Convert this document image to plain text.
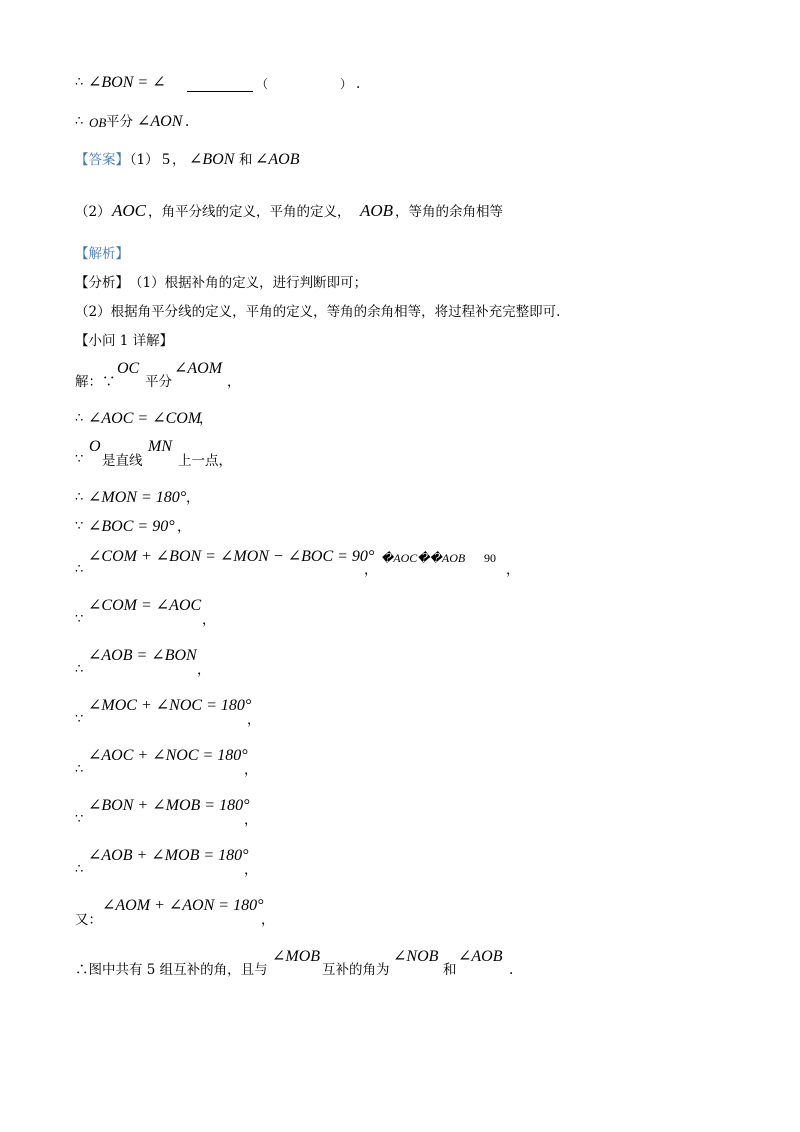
∴ ∠BON = ∠	（	） .
∴ OB 平分 ∠AON .
【答案】
（1） 5 ， ∠BON 和 ∠AOB
（2） AOC ，角平分线的定义，平角的定义， AOB ，等角的余角相等
【解析】
【分析】 （1）根据补角的定义，进行判断即可；
（2）根据角平分线的定义，平角的定义，等角的余角相等，将过程补充完整即可.
【小问 1 详解】
解：∵
OC
平分
∠AOM
，
∴ ∠AOC = ∠COM
，
∵
O
是直线
MN
上一点，
∴ ∠MON = 180° ，
∵ ∠BOC = 90° ，
∴
∠COM + ∠BON = ∠MON − ∠BOC = 90°
，
�AOC��AOB 90
，
∵
∠COM = ∠AOC
，
∴
∠AOB = ∠BON
，
∵
∠MOC + ∠NOC = 180°
，
∴
∠AOC + ∠NOC = 180°
，
∵
∠BON + ∠MOB = 180°
，
∴
∠AOB + ∠MOB = 180°
，
又：
∠AOM + ∠AON = 180°
，
∴图中共有 5 组互补的角，且与
∠MOB
互补的角为
∠NOB
和
∠AOB
.
